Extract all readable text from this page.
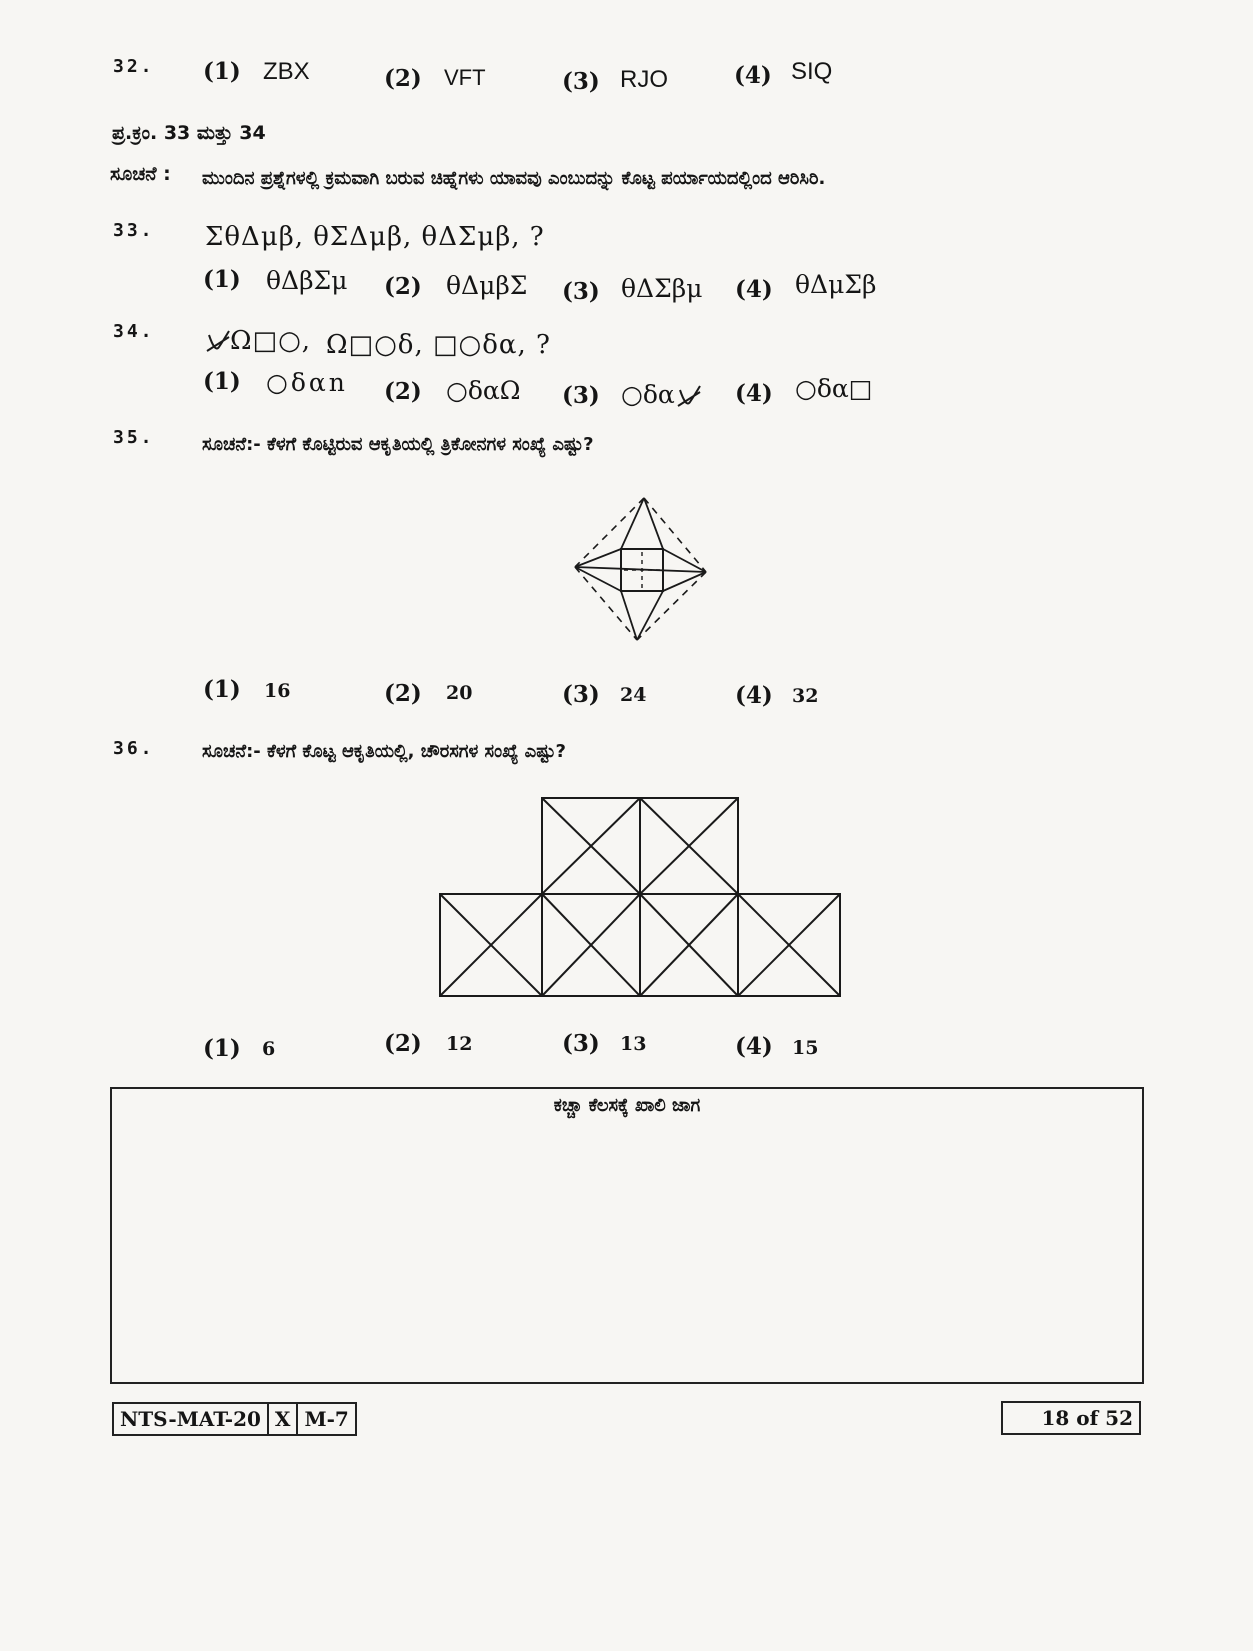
32. (1) ZBX	(2) VFT	(3) RJO	(4) SIQ
ಪ್ರ.ಕ್ರಂ. 33 ಮತ್ತು 34
ಸೂಚನೆ : ಮುಂದಿನ ಪ್ರಶ್ನೆಗಳಲ್ಲಿ ಕ್ರಮವಾಗಿ ಬರುವ ಚಿಹ್ನೆಗಳು ಯಾವವು ಎಂಬುದನ್ನು ಕೊಟ್ಟ ಪರ್ಯಾಯದಲ್ಲಿಂದ ಆರಿಸಿರಿ.
33. ΣθΔμβ, θΣΔμβ, θΔΣμβ, ?
(1) θΔβΣμ (2) θΔμβΣ (3) θΔΣβμ (4) θΔμΣβ
34.	Ω□○, Ω□○δ, □○δα, ?
(1) ○δαn (2) ○δαΩ (3) ○δα	(4) ○δα□
35.	ಸೂಚನೆ:- ಕೆಳಗೆ ಕೊಟ್ಟಿರುವ ಆಕೃತಿಯಲ್ಲಿ ತ್ರಿಕೋನಗಳ ಸಂಖ್ಯೆ ಎಷ್ಟು?
(1) 16	(2) 20	(3) 24	(4) 32
36.	ಸೂಚನೆ:- ಕೆಳಗೆ ಕೊಟ್ಟ ಆಕೃತಿಯಲ್ಲಿ, ಚೌರಸಗಳ ಸಂಖ್ಯೆ ಎಷ್ಟು?
(1) 6	(2) 12	(3) 13	(4) 15
ಕಚ್ಚಾ ಕೆಲಸಕ್ಕೆ ಖಾಲಿ ಜಾಗ
NTS-MAT-20 X M-7	18 of 52
